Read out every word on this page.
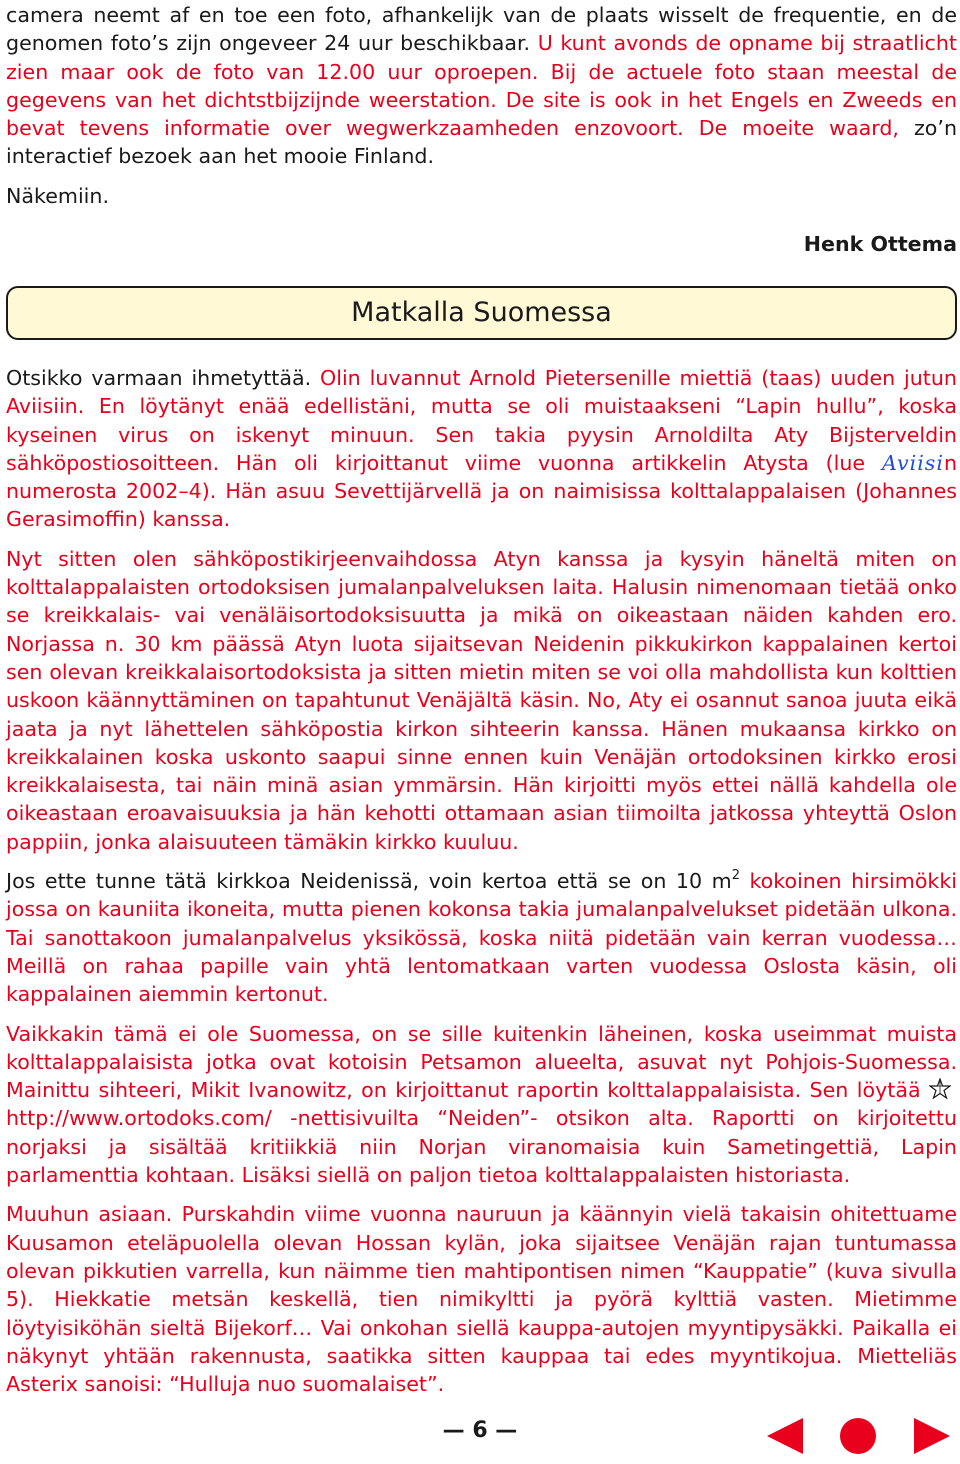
camera neemt af en toe een foto, afhankelijk van de plaats wisselt de frequentie, en de genomen foto’s zijn ongeveer 24 uur beschikbaar. U kunt avonds de opname bij straatlicht zien maar ook de foto van 12.00 uur oproepen. Bij de actuele foto staan meestal de gegevens van het dichtstbijzijnde weerstation. De site is ook in het Engels en Zweeds en bevat tevens informatie over wegwerkzaamheden enzovoort. De moeite waard, zo’n interactief bezoek aan het mooie Finland.

Näkemiin.

Henk Ottema
Matkalla Suomessa

Otsikko varmaan ihmetyttää. Olin luvannut Arnold Pietersenille miettiä (taas) uuden jutun Aviisiin. En löytänyt enää edellistäni, mutta se oli muistaakseni “Lapin hullu”, koska kyseinen virus on iskenyt minuun. Sen takia pyysin Arnoldilta Aty Bijsterveldin sähköpostiosoitteen. Hän oli kirjoittanut viime vuonna artikkelin Atysta (lue Aviisin numerosta 2002–4). Hän asuu Sevettijärvellä ja on naimisissa kolttalappalaisen (Johannes Gerasimoffin) kanssa.

Nyt sitten olen sähköpostikirjeenvaihdossa Atyn kanssa ja kysyin häneltä miten on kolttalappalaisten ortodoksisen jumalanpalveluksen laita. Halusin nimenomaan tietää onko se kreikkalais- vai venäläisortodoksisuutta ja mikä on oikeastaan näiden kahden ero. Norjassa n. 30 km päässä Atyn luota sijaitsevan Neidenin pikkukirkon kappalainen kertoi sen olevan kreikkalaisortodoksista ja sitten mietin miten se voi olla mahdollista kun kolttien uskoon käännyttäminen on tapahtunut Venäjältä käsin. No, Aty ei osannut sanoa juuta eikä jaata ja nyt lähettelen sähköpostia kirkon sihteerin kanssa. Hänen mukaansa kirkko on kreikkalainen koska uskonto saapui sinne ennen kuin Venäjän ortodoksinen kirkko erosi kreikkalaisesta, tai näin minä asian ymmärsin. Hän kirjoitti myös ettei nällä kahdella ole oikeastaan eroavaisuuksia ja hän kehotti ottamaan asian tiimoilta jatkossa yhteyttä Oslon pappiin, jonka alaisuuteen tämäkin kirkko kuuluu.

Jos ette tunne tätä kirkkoa Neidenissä, voin kertoa että se on 10 $m^2$ kokoinen hirsimökki jossa on kauniita ikoneita, mutta pienen kokonsa takia jumalanpalvelukset pidetään ulkona. Tai sanottakoon jumalanpalvelus yksikössä, koska niitä pidetään vain kerran vuodessa… Meillä on rahaa papille vain yhtä lentomatkaan varten vuodessa Oslosta käsin, oli kappalainen aiemmin kertonut.

Vaikkakin tämä ei ole Suomessa, on se sille kuitenkin läheinen, koska useimmat muista kolttalappalaisista jotka ovat kotoisin Petsamon alueelta, asuvat nyt Pohjois-Suomessa. Mainittu sihteeri, Mikit Ivanowitz, on kirjoittanut raportin kolttalappalaisista. Sen löytää http://www.ortodoks.com/ -nettisivuilta “Neiden”- otsikon alta. Raportti on kirjoitettu norjaksi ja sisältää kritiikkiä niin Norjan viranomaisia kuin Sametingettiä, Lapin parlamenttia kohtaan. Lisäksi siellä on paljon tietoa kolttalappalaisten historiasta.

Muuhun asiaan. Purskahdin viime vuonna nauruun ja käännyin vielä takaisin ohitettuame Kuusamon eteläpuolella olevan Hossan kylän, joka sijaitsee Venäjän rajan tuntumassa olevan pikkutien varrella, kun näimme tien mahtipontisen nimen “Kauppatie” (kuva sivulla 5). Hiekkatie metsän keskellä, tien nimikyltti ja pyörä kylttiä vasten. Mietimme löytyisiköhän sieltä Bijekorf… Vai onkohan siellä kauppa-autojen myyntipysäkki. Paikalla ei näkynyt yhtään rakennusta, saatikka sitten kauppaa tai edes myyntikojua. Mietteliäs Asterix sanoisi: “Hulluja nuo suomalaiset”.

— 6 —
